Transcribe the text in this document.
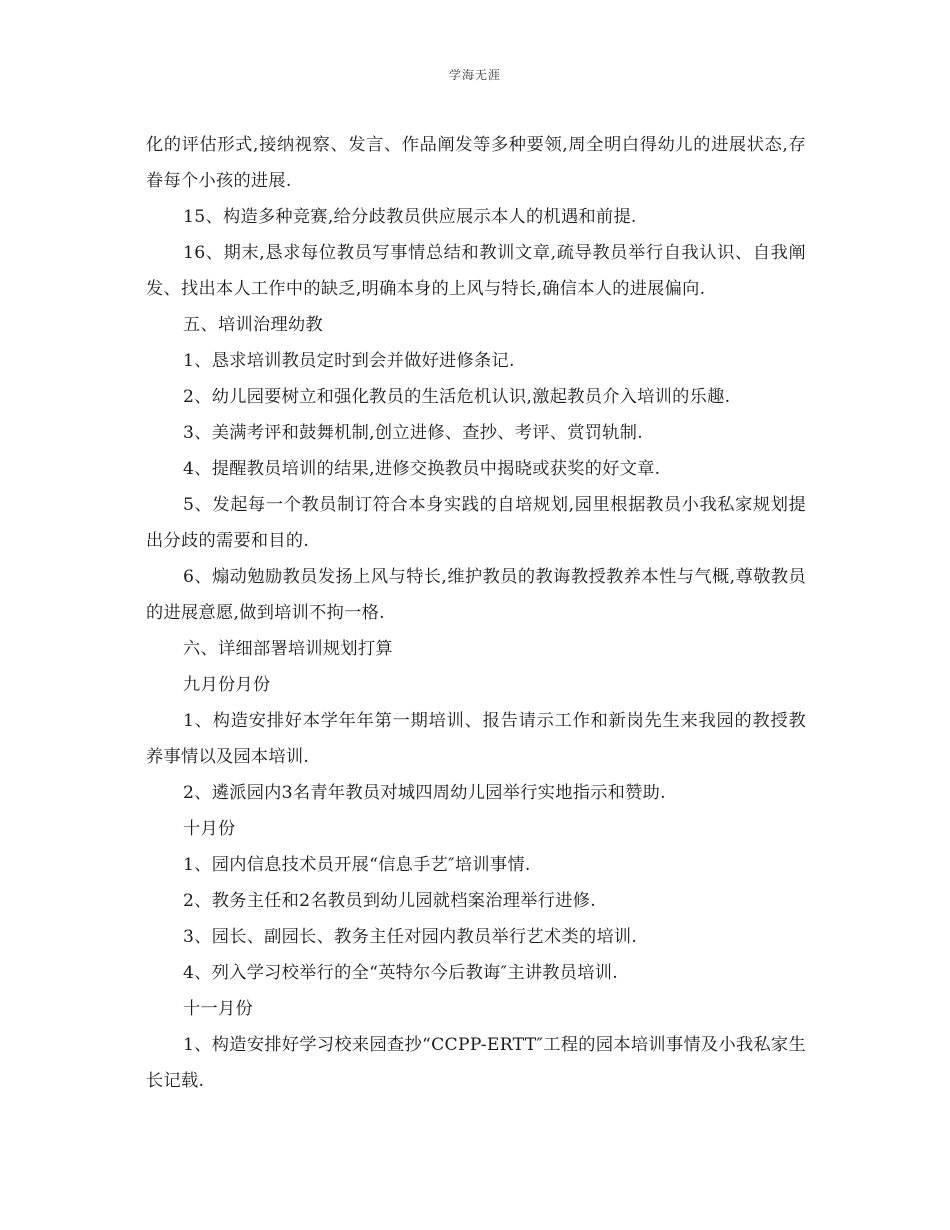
学海无涯

化的评估形式,接纳视察、发言、作品阐发等多种要领,周全明白得幼儿的进展状态,存眷每个小孩的进展.

15、构造多种竞赛,给分歧教员供应展示本人的机遇和前提.

16、期末,恳求每位教员写事情总结和教训文章,疏导教员举行自我认识、自我阐发、找出本人工作中的缺乏,明确本身的上风与特长,确信本人的进展偏向.

五、培训治理幼教

1、恳求培训教员定时到会并做好进修条记.

2、幼儿园要树立和强化教员的生活危机认识,激起教员介入培训的乐趣.

3、美满考评和鼓舞机制,创立进修、查抄、考评、赏罚轨制.

4、提醒教员培训的结果,进修交换教员中揭晓或获奖的好文章.

5、发起每一个教员制订符合本身实践的自培规划,园里根据教员小我私家规划提出分歧的需要和目的.

6、煽动勉励教员发扬上风与特长,维护教员的教诲教授教养本性与气概,尊敬教员的进展意愿,做到培训不拘一格.

六、详细部署培训规划打算

九月份月份

1、构造安排好本学年年第一期培训、报告请示工作和新岗先生来我园的教授教养事情以及园本培训.

2、遴派园内3名青年教员对城四周幼儿园举行实地指示和赞助.

十月份

1、园内信息技术员开展“信息手艺″培训事情.

2、教务主任和2名教员到幼儿园就档案治理举行进修.

3、园长、副园长、教务主任对园内教员举行艺术类的培训.

4、列入学习校举行的全“英特尔今后教诲″主讲教员培训.

十一月份

1、构造安排好学习校来园查抄“CCPP-ERTT″工程的园本培训事情及小我私家生长记载.
